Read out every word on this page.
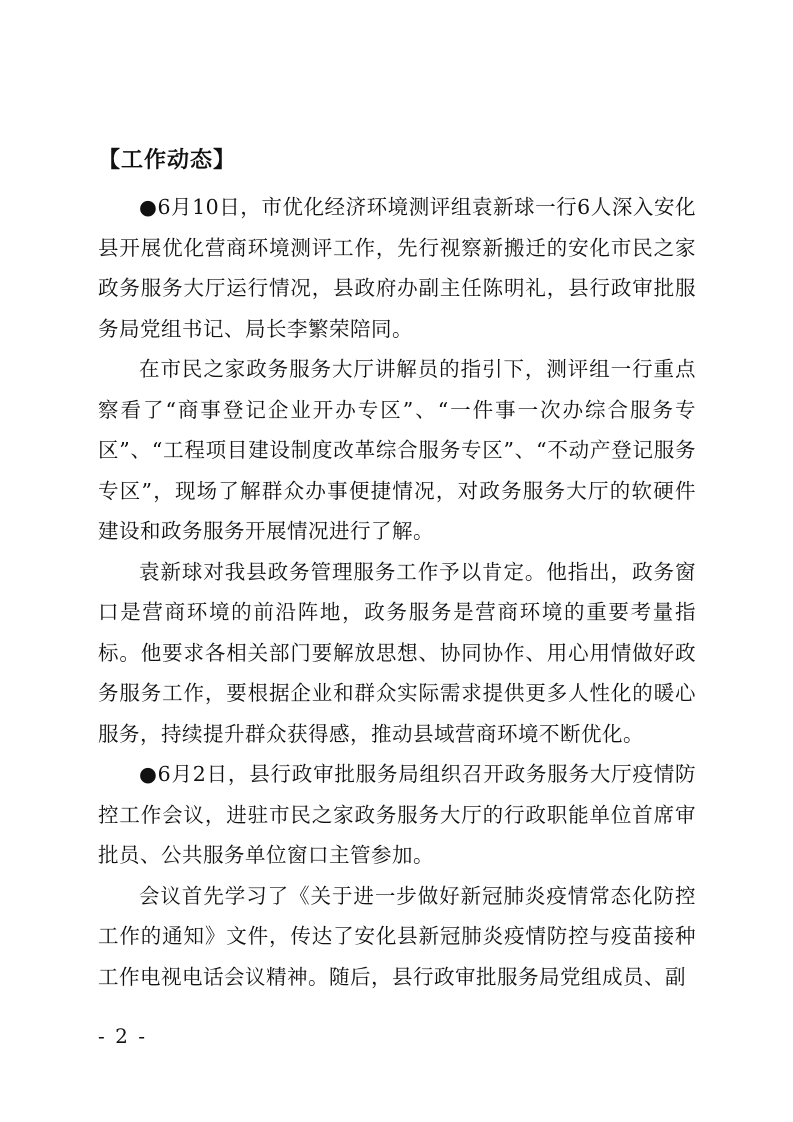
【工作动态】

●6月10日，市优化经济环境测评组袁新球一行6人深入安化县开展优化营商环境测评工作，先行视察新搬迁的安化市民之家政务服务大厅运行情况，县政府办副主任陈明礼，县行政审批服务局党组书记、局长李繁荣陪同。

在市民之家政务服务大厅讲解员的指引下，测评组一行重点察看了“商事登记企业开办专区”、“一件事一次办综合服务专区”、“工程项目建设制度改革综合服务专区”、“不动产登记服务专区”，现场了解群众办事便捷情况，对政务服务大厅的软硬件建设和政务服务开展情况进行了解。

袁新球对我县政务管理服务工作予以肯定。他指出，政务窗口是营商环境的前沿阵地，政务服务是营商环境的重要考量指标。他要求各相关部门要解放思想、协同协作、用心用情做好政务服务工作，要根据企业和群众实际需求提供更多人性化的暖心服务，持续提升群众获得感，推动县域营商环境不断优化。

●6月2日，县行政审批服务局组织召开政务服务大厅疫情防控工作会议，进驻市民之家政务服务大厅的行政职能单位首席审批员、公共服务单位窗口主管参加。

会议首先学习了《关于进一步做好新冠肺炎疫情常态化防控工作的通知》文件，传达了安化县新冠肺炎疫情防控与疫苗接种工作电视电话会议精神。随后，县行政审批服务局党组成员、副

- 2 -
